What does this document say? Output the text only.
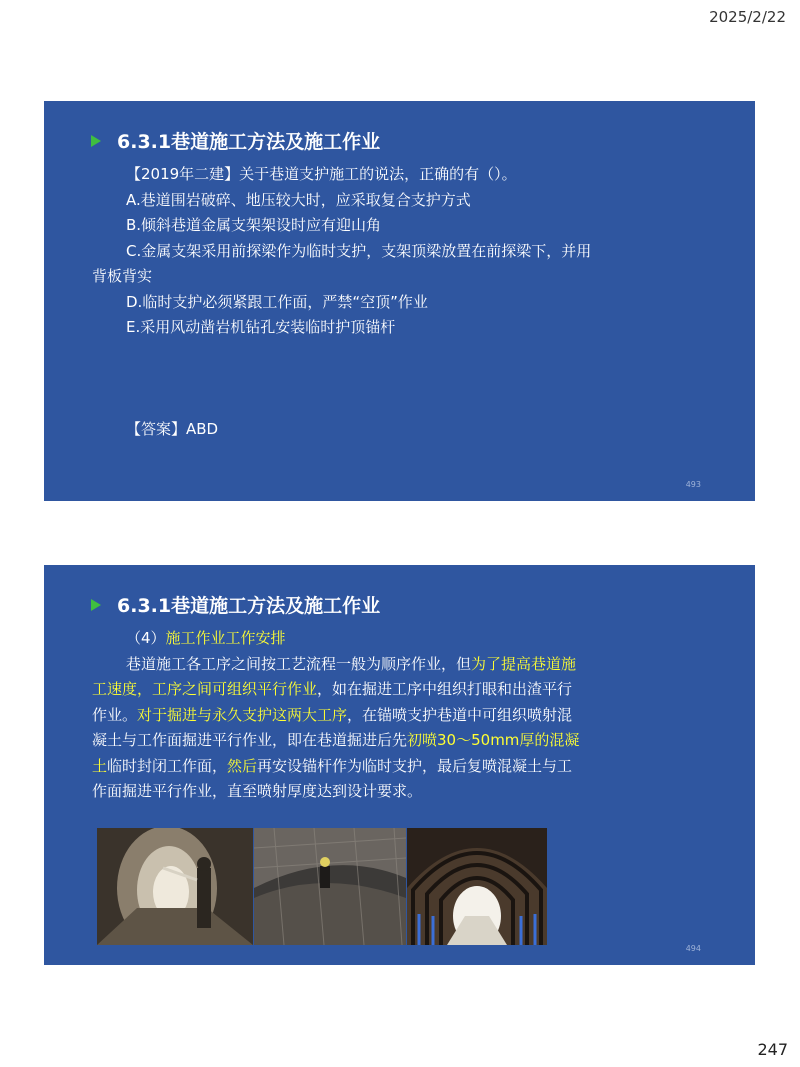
2025/2/22
6.3.1巷道施工方法及施工作业

【2019年二建】关于巷道支护施工的说法，正确的有（）。

A.巷道围岩破碎、地压较大时，应采取复合支护方式

B.倾斜巷道金属支架架设时应有迎山角

C.金属支架采用前探梁作为临时支护，支架顶梁放置在前探梁下，并用背板背实

D.临时支护必须紧跟工作面，严禁“空顶”作业

E.采用风动凿岩机钻孔安装临时护顶锚杆

【答案】ABD
493
6.3.1巷道施工方法及施工作业

（4）施工作业工作安排

巷道施工各工序之间按工艺流程一般为顺序作业，但为了提高巷道施工速度，工序之间可组织平行作业，如在掘进工序中组织打眼和出渣平行作业。对于掘进与永久支护这两大工序，在锚喷支护巷道中可组织喷射混凝土与工作面掘进平行作业，即在巷道掘进后先初喷30～50mm厚的混凝土临时封闭工作面，然后再安设锚杆作为临时支护，最后复喷混凝土与工作面掘进平行作业，直至喷射厚度达到设计要求。

494
247
